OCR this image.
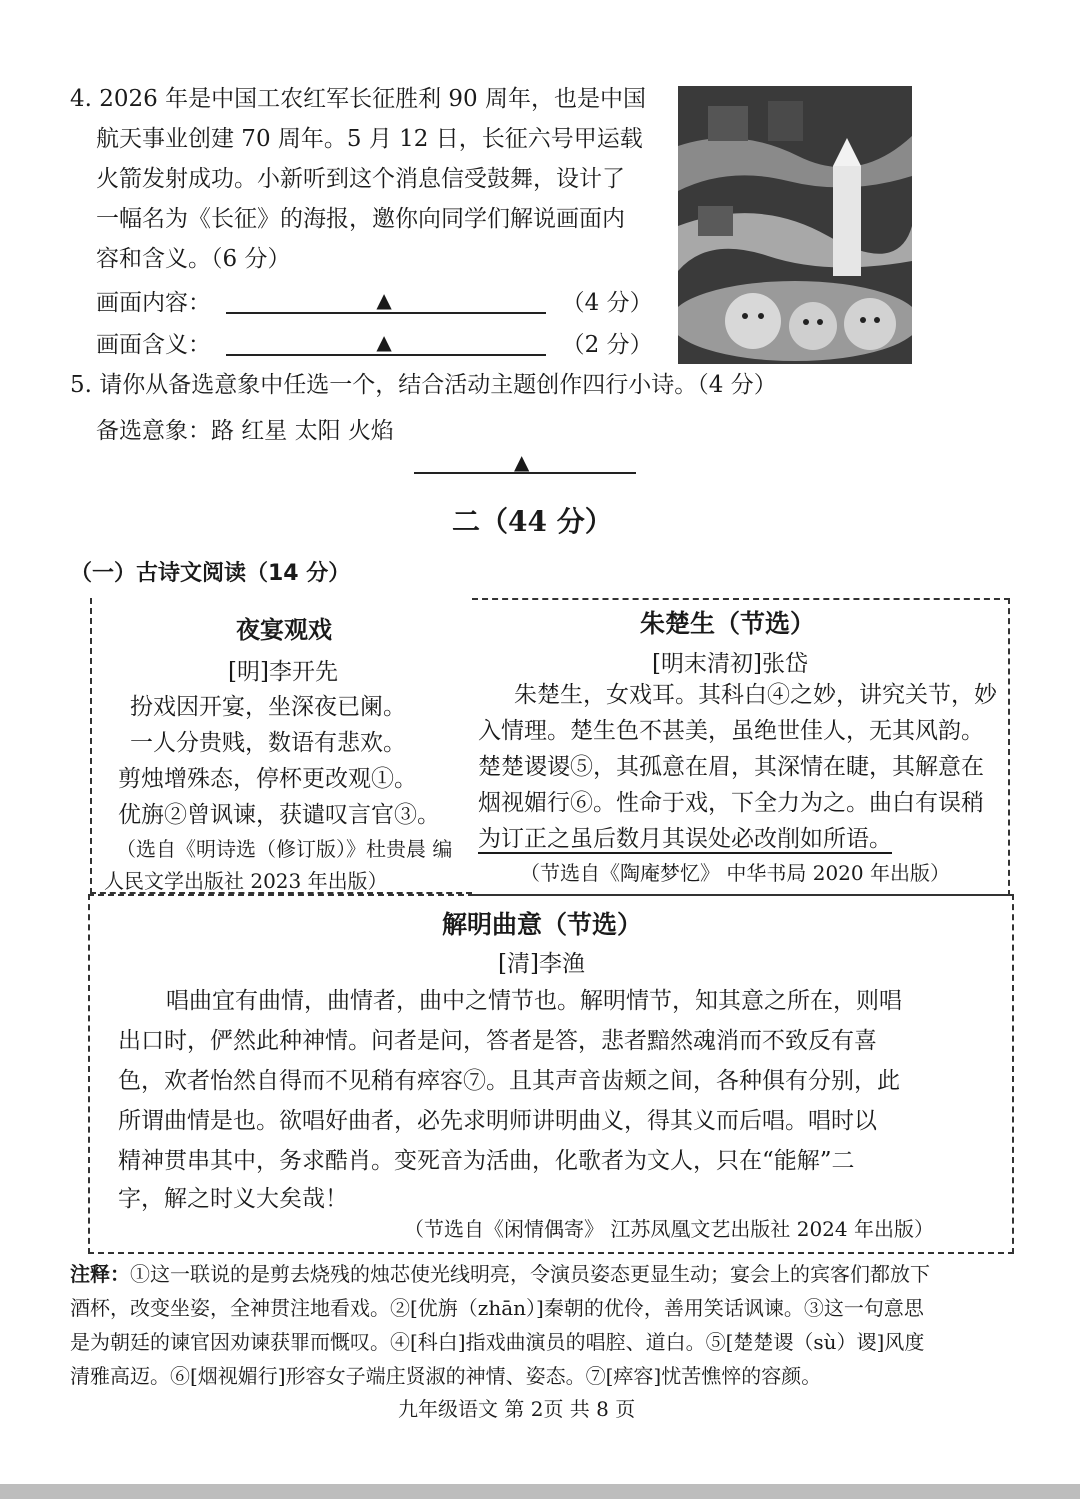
4. 2026 年是中国工农红军长征胜利 90 周年，也是中国
航天事业创建 70 周年。5 月 12 日，长征六号甲运载
火箭发射成功。小新听到这个消息信受鼓舞，设计了
一幅名为《长征》的海报，邀你向同学们解说画面内
容和含义。（6 分）
画面内容：	▲	（4 分）
画面含义：	▲	（2 分）
5. 请你从备选意象中任选一个，结合活动主题创作四行小诗。（4 分）
备选意象：路 红星 太阳 火焰
▲
二（44 分）
（一）古诗文阅读（14 分）
夜宴观戏
[明]李开先
扮戏因开宴，坐深夜已阑。
一人分贵贱，数语有悲欢。
剪烛增殊态，停杯更改观①。
优旃②曾讽谏，获谴叹言官③。
（选自《明诗选（修订版）》杜贵晨 编
人民文学出版社 2023 年出版）
朱楚生（节选）
[明末清初]张岱
朱楚生，女戏耳。其科白④之妙，讲究关节，妙
入情理。楚生色不甚美，虽绝世佳人，无其风韵。
楚楚谡谡⑤，其孤意在眉，其深情在睫，其解意在
烟视媚行⑥。性命于戏，下全力为之。曲白有误稍
为订正之虽后数月其误处必改削如所语。
（节选自《陶庵梦忆》 中华书局 2020 年出版）
解明曲意（节选）
[清]李渔
唱曲宜有曲情，曲情者，曲中之情节也。解明情节，知其意之所在，则唱
出口时，俨然此种神情。问者是问，答者是答，悲者黯然魂消而不致反有喜
色，欢者怡然自得而不见稍有瘁容⑦。且其声音齿颊之间，各种俱有分别，此
所谓曲情是也。欲唱好曲者，必先求明师讲明曲义，得其义而后唱。唱时以
精神贯串其中，务求酷肖。变死音为活曲，化歌者为文人，只在“能解”二
字，解之时义大矣哉！
（节选自《闲情偶寄》 江苏凤凰文艺出版社 2024 年出版）
注释：①这一联说的是剪去烧残的烛芯使光线明亮，令演员姿态更显生动；宴会上的宾客们都放下
酒杯，改变坐姿，全神贯注地看戏。②[优旃（zhān）]秦朝的优伶，善用笑话讽谏。③这一句意思
是为朝廷的谏官因劝谏获罪而慨叹。④[科白]指戏曲演员的唱腔、道白。⑤[楚楚谡（sù）谡]风度
清雅高迈。⑥[烟视媚行]形容女子端庄贤淑的神情、姿态。⑦[瘁容]忧苦憔悴的容颜。
九年级语文 第 2页 共 8 页
